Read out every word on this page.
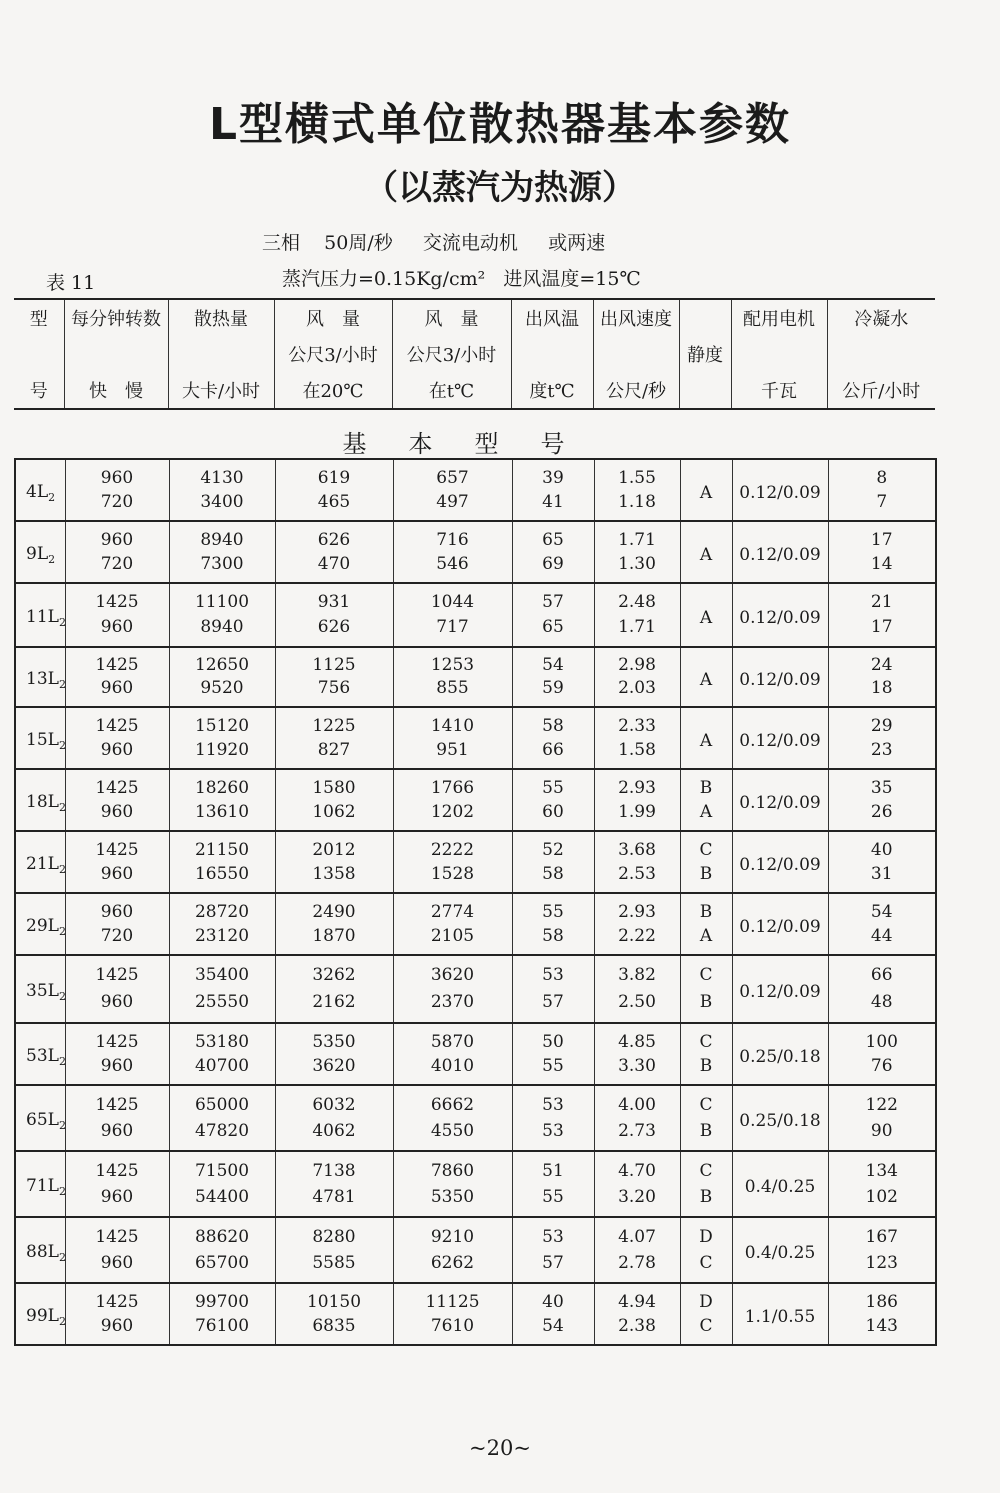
L型横式单位散热器基本参数
（以蒸汽为热源）
三相    50周/秒     交流电动机     或两速
蒸汽压力=0.15Kg/cm²   进风温度=15℃
表 11
型	每分钟转数	散热量	风　量	风　量	出风温	出风速度		配用电机	冷凝水
			公尺3/小时	公尺3/小时			静度		
号	快　慢	大卡/小时	在20℃	在t℃	度t℃	公尺/秒		千瓦	公斤/小时
基本型号
$4L_2$	960	4130	619	657	39	1.55	A	0.12/0.09	8
	720	3400	465	497	41	1.18			7
$9L_2$	960	8940	626	716	65	1.71	A	0.12/0.09	17
	720	7300	470	546	69	1.30			14
$11L_2$	1425	11100	931	1044	57	2.48	A	0.12/0.09	21
	960	8940	626	717	65	1.71			17
$13L_2$	1425	12650	1125	1253	54	2.98	A	0.12/0.09	24
	960	9520	756	855	59	2.03			18
$15L_2$	1425	15120	1225	1410	58	2.33	A	0.12/0.09	29
	960	11920	827	951	66	1.58			23
$18L_2$	1425	18260	1580	1766	55	2.93	B	0.12/0.09	35
	960	13610	1062	1202	60	1.99	A		26
$21L_2$	1425	21150	2012	2222	52	3.68	C	0.12/0.09	40
	960	16550	1358	1528	58	2.53	B		31
$29L_2$	960	28720	2490	2774	55	2.93	B	0.12/0.09	54
	720	23120	1870	2105	58	2.22	A		44
$35L_2$	1425	35400	3262	3620	53	3.82	C	0.12/0.09	66
	960	25550	2162	2370	57	2.50	B		48
$53L_2$	1425	53180	5350	5870	50	4.85	C	0.25/0.18	100
	960	40700	3620	4010	55	3.30	B		76
$65L_2$	1425	65000	6032	6662	53	4.00	C	0.25/0.18	122
	960	47820	4062	4550	53	2.73	B		90
$71L_2$	1425	71500	7138	7860	51	4.70	C	0.4/0.25	134
	960	54400	4781	5350	55	3.20	B		102
$88L_2$	1425	88620	8280	9210	53	4.07	D	0.4/0.25	167
	960	65700	5585	6262	57	2.78	C		123
$99L_2$	1425	99700	10150	11125	40	4.94	D	1.1/0.55	186
	960	76100	6835	7610	54	2.38	C		143
~20~
